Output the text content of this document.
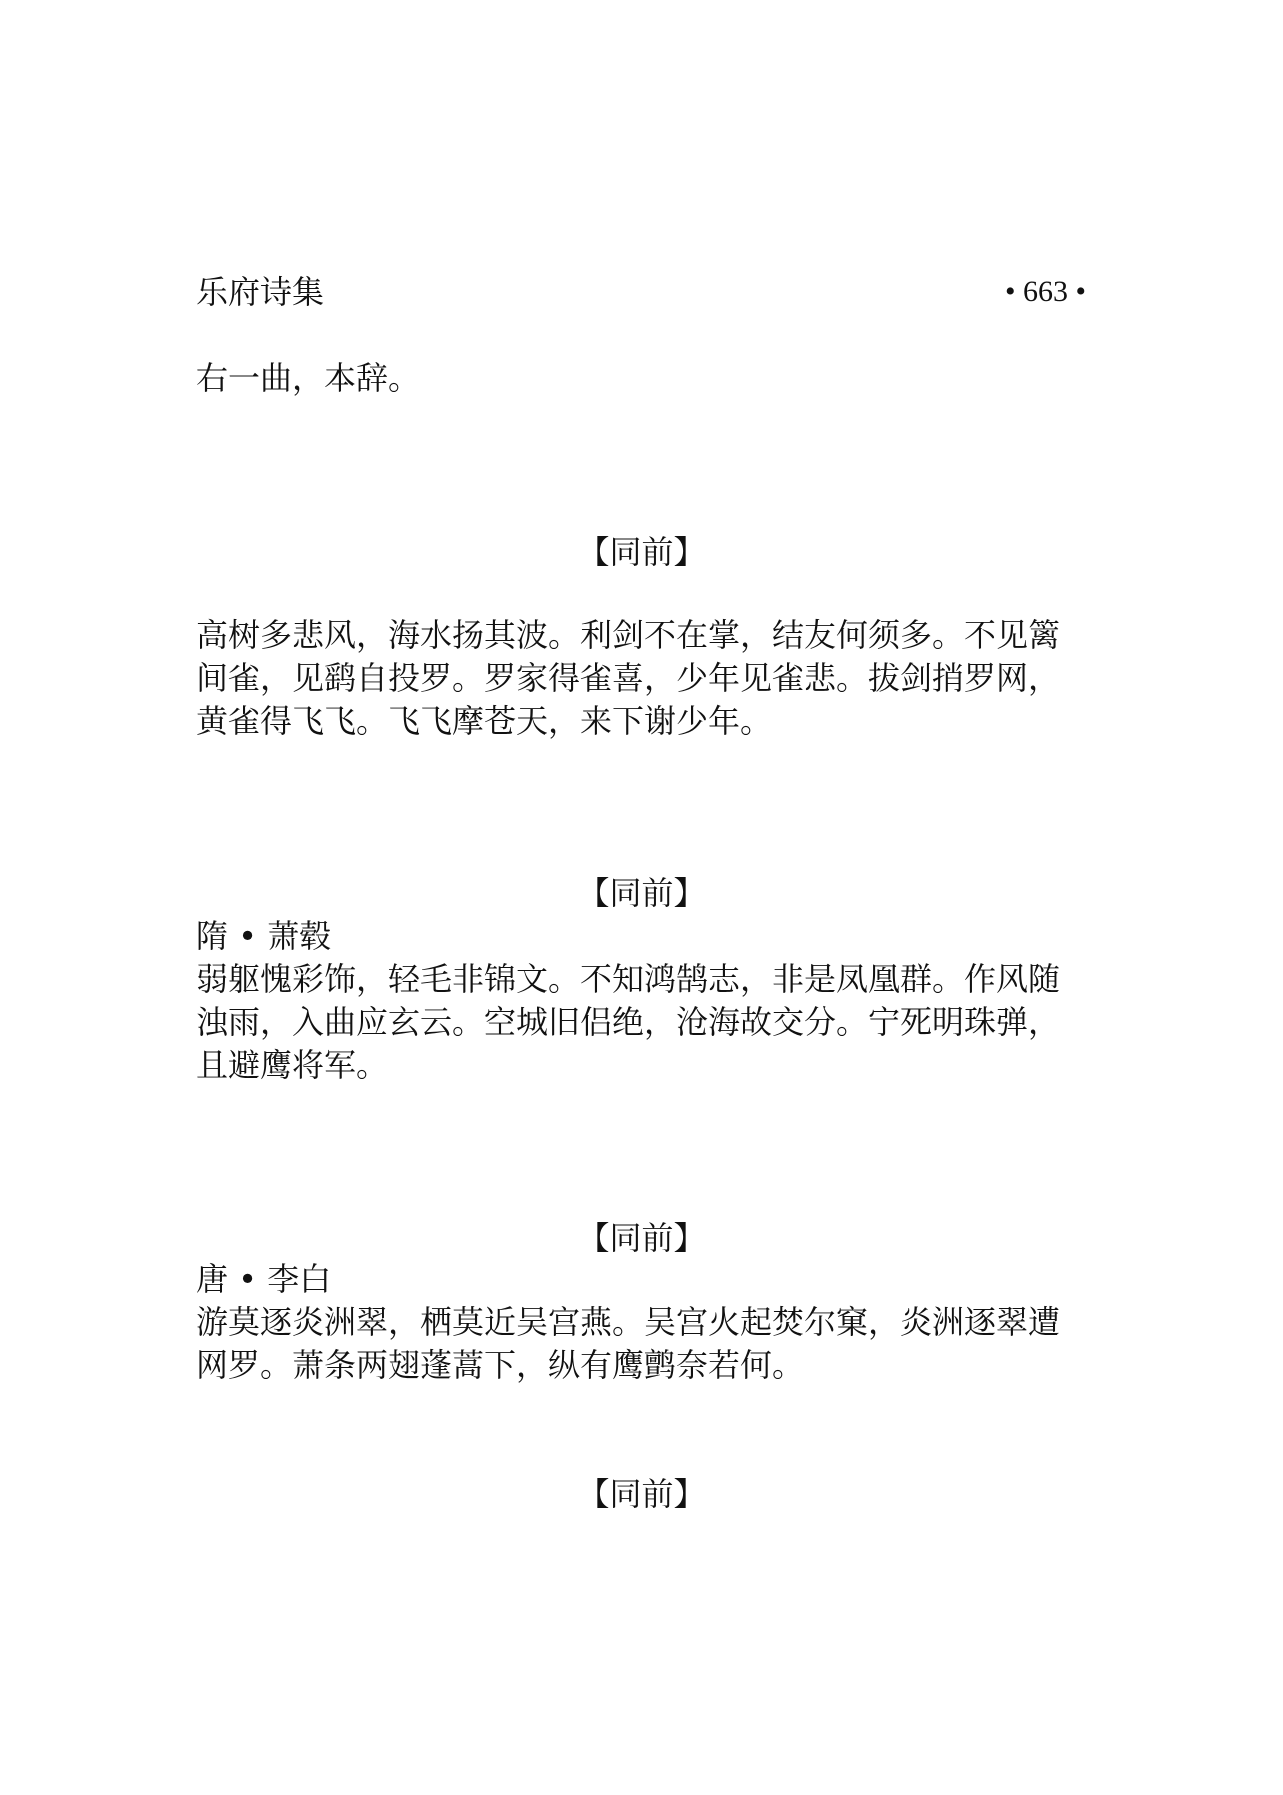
乐府诗集	• 663 •
右一曲，本辞。
【同前】
高树多悲风，海水扬其波。利剑不在掌，结友何须多。不见篱
间雀，见鹞自投罗。罗家得雀喜，少年见雀悲。拔剑捎罗网，
黄雀得飞飞。飞飞摩苍天，来下谢少年。
【同前】
隋 • 萧毂
弱躯愧彩饰，轻毛非锦文。不知鸿鹄志，非是凤凰群。作风随
浊雨，入曲应玄云。空城旧侣绝，沧海故交分。宁死明珠弹，
且避鹰将军。
【同前】
唐 • 李白
游莫逐炎洲翠，栖莫近吴宫燕。吴宫火起焚尔窠，炎洲逐翠遭
网罗。萧条两翅蓬蒿下，纵有鹰鹯奈若何。
【同前】
